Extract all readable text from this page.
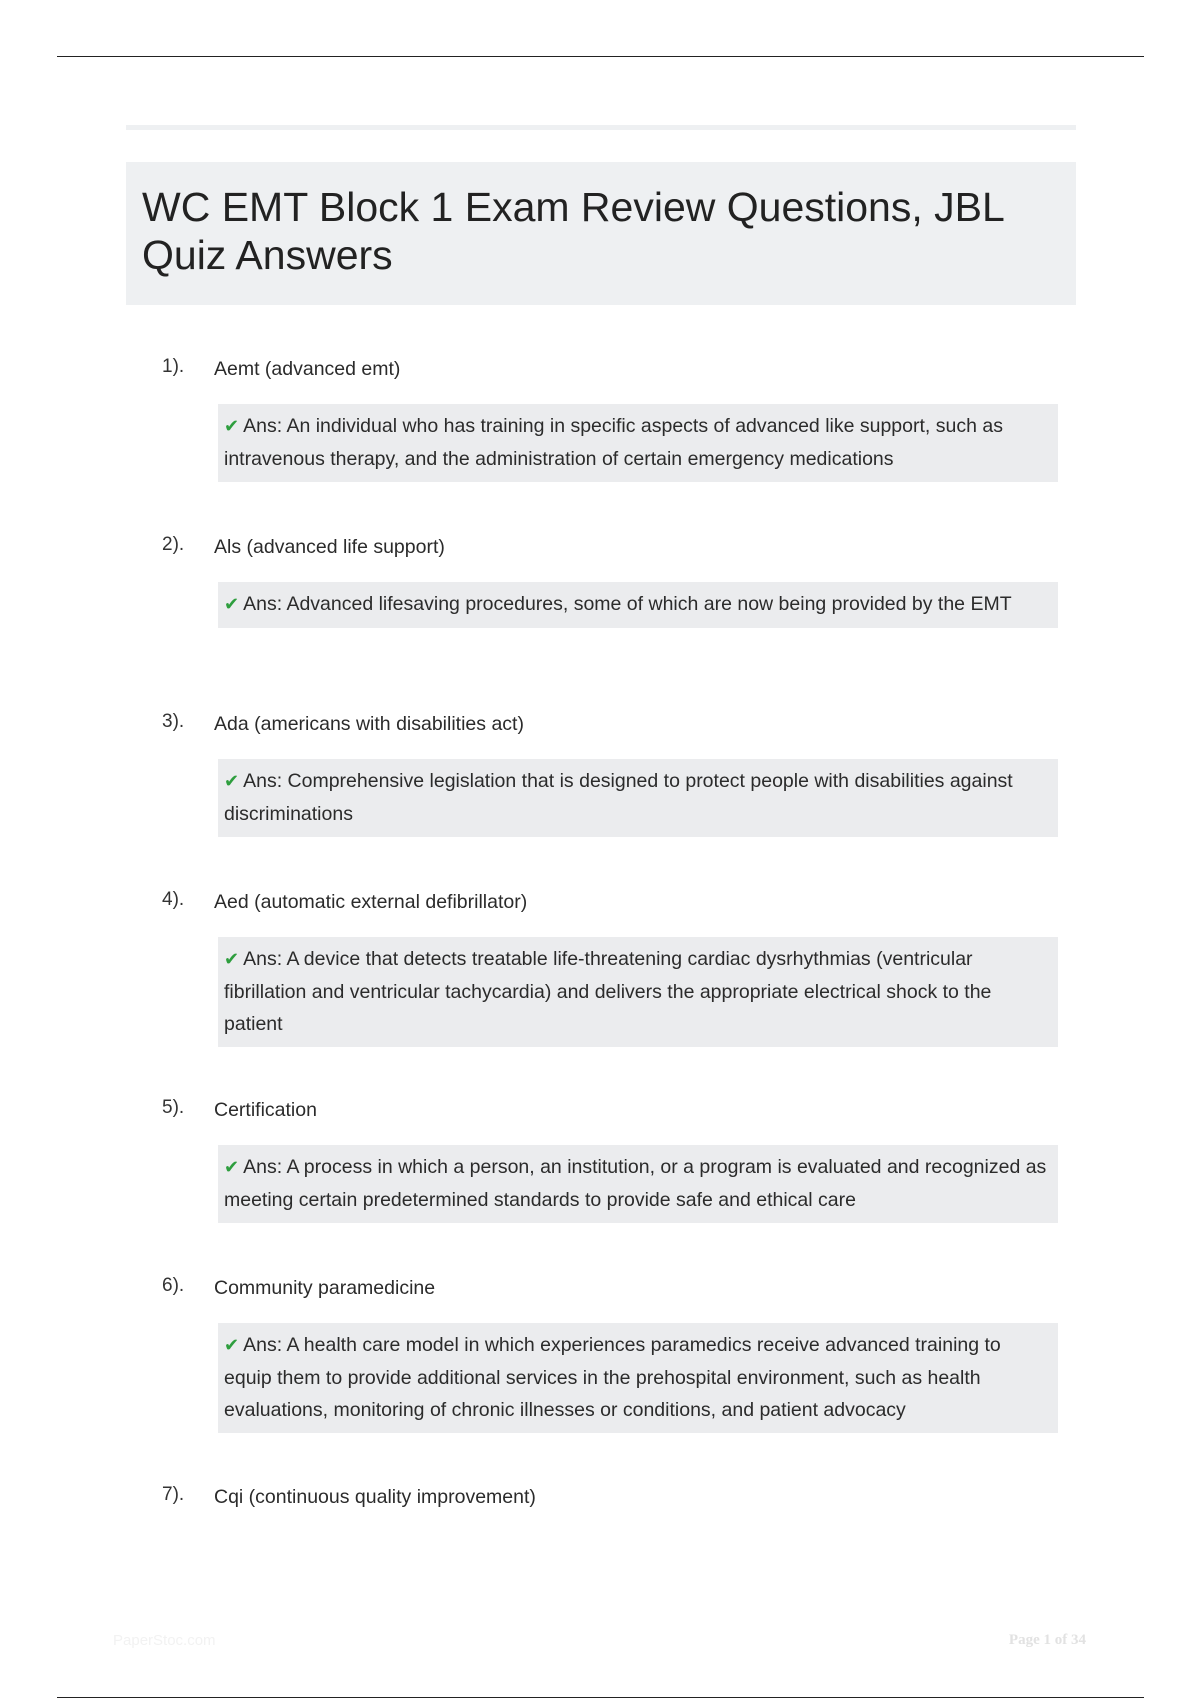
WC EMT Block 1 Exam Review Questions, JBL Quiz Answers
1). Aemt (advanced emt)
✔ Ans: An individual who has training in specific aspects of advanced like support, such as intravenous therapy, and the administration of certain emergency medications
2). Als (advanced life support)
✔ Ans: Advanced lifesaving procedures, some of which are now being provided by the EMT
3). Ada (americans with disabilities act)
✔ Ans: Comprehensive legislation that is designed to protect people with disabilities against discriminations
4). Aed (automatic external defibrillator)
✔ Ans: A device that detects treatable life-threatening cardiac dysrhythmias (ventricular fibrillation and ventricular tachycardia) and delivers the appropriate electrical shock to the patient
5). Certification
✔ Ans: A process in which a person, an institution, or a program is evaluated and recognized as meeting certain predetermined standards to provide safe and ethical care
6). Community paramedicine
✔ Ans: A health care model in which experiences paramedics receive advanced training to equip them to provide additional services in the prehospital environment, such as health evaluations, monitoring of chronic illnesses or conditions, and patient advocacy
7). Cqi (continuous quality improvement)
PaperStoc.com	Page 1 of 34
